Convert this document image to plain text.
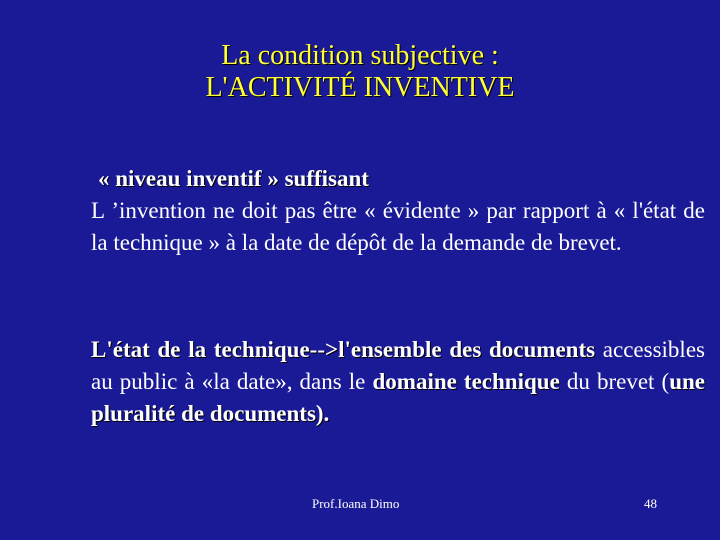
La condition subjective :
L'ACTIVITÉ INVENTIVE
« niveau inventif » suffisant
L ’invention ne doit pas être « évidente » par rapport à « l'état de la technique » à la date de dépôt de la demande de brevet.
L'état de la technique-->l'ensemble des documents accessibles au public à «la date», dans le domaine technique du brevet (une pluralité de documents).
Prof.Ioana Dimo	48
